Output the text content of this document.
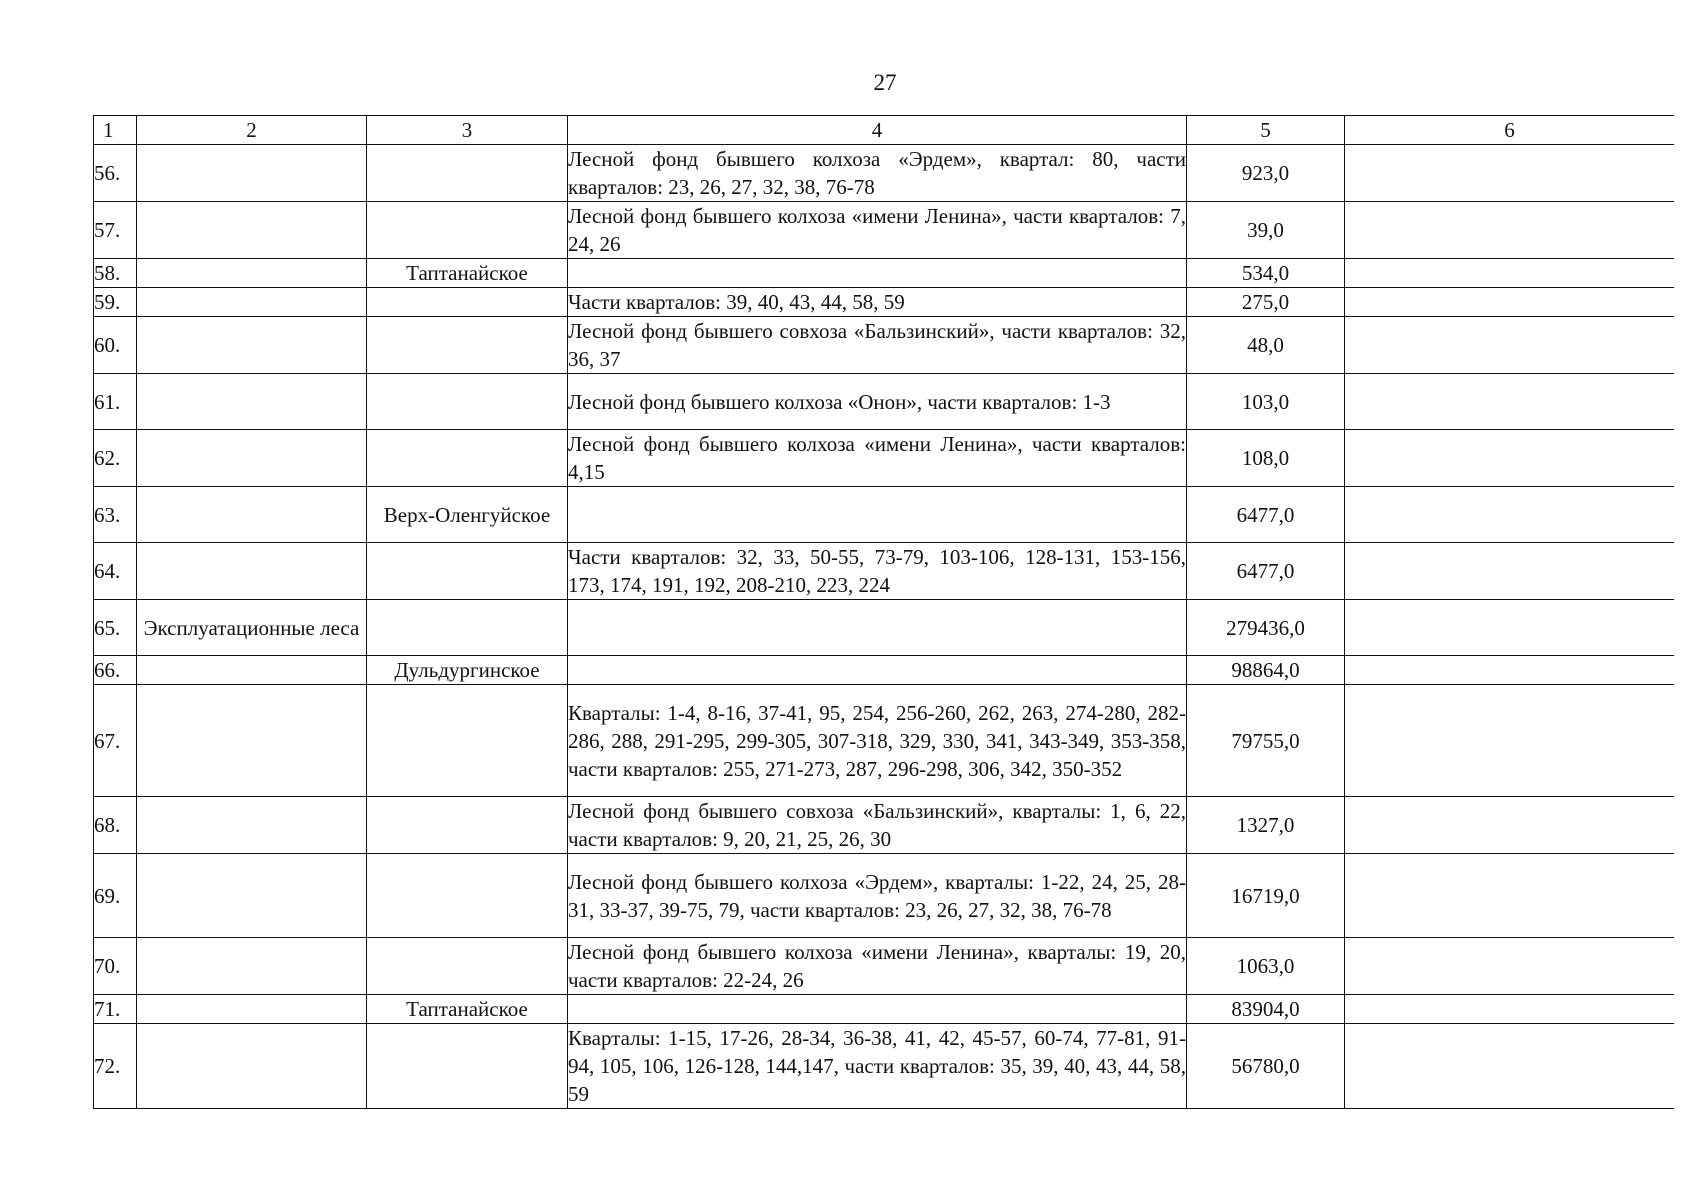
27
1	2	3	4	5	6
56.			Лесной фонд бывшего колхоза «Эрдем», квартал: 80, части кварталов: 23, 26, 27, 32, 38, 76-78	923,0	
57.			Лесной фонд бывшего колхоза «имени Ленина», части кварталов: 7, 24, 26	39,0	
58.		Таптанайское		534,0	
59.			Части кварталов: 39, 40, 43, 44, 58, 59	275,0	
60.			Лесной фонд бывшего совхоза «Бальзинский», части кварталов: 32, 36, 37	48,0	
61.			Лесной фонд бывшего колхоза «Онон», части кварталов: 1-3	103,0	
62.			Лесной фонд бывшего колхоза «имени Ленина», части кварталов: 4,15	108,0	
63.		Верх-Оленгуйское		6477,0	
64.			Части кварталов: 32, 33, 50-55, 73-79, 103-106, 128-131, 153-156, 173, 174, 191, 192, 208-210, 223, 224	6477,0	
65.	Эксплуатационные леса			279436,0	
66.		Дульдургинское		98864,0	
67.			Кварталы: 1-4, 8-16, 37-41, 95, 254, 256-260, 262, 263, 274-280, 282-286, 288, 291-295, 299-305, 307-318, 329, 330, 341, 343-349, 353-358, части кварталов: 255, 271-273, 287, 296-298, 306, 342, 350-352	79755,0	
68.			Лесной фонд бывшего совхоза «Бальзинский», кварталы: 1, 6, 22, части кварталов: 9, 20, 21, 25, 26, 30	1327,0	
69.			Лесной фонд бывшего колхоза «Эрдем», кварталы: 1-22, 24, 25, 28-31, 33-37, 39-75, 79, части кварталов: 23, 26, 27, 32, 38, 76-78	16719,0	
70.			Лесной фонд бывшего колхоза «имени Ленина», кварталы: 19, 20, части кварталов: 22-24, 26	1063,0	
71.		Таптанайское		83904,0	
72.			Кварталы: 1-15, 17-26, 28-34, 36-38, 41, 42, 45-57, 60-74, 77-81, 91-94, 105, 106, 126-128, 144,147, части кварталов: 35, 39, 40, 43, 44, 58, 59	56780,0	
